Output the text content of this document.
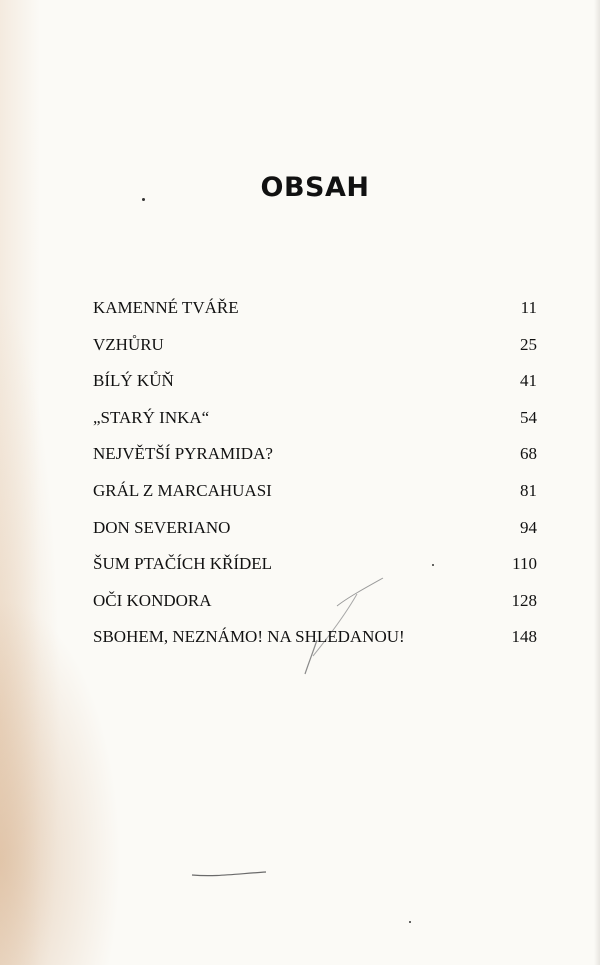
OBSAH
KAMENNÉ TVÁŘE	11
VZHŮRU	25
BÍLÝ KŮŇ	41
„STARÝ INKA“	54
NEJVĚTŠÍ PYRAMIDA?	68
GRÁL Z MARCAHUASI	81
DON SEVERIANO	94
ŠUM PTAČÍCH KŘÍDEL	110
OČI KONDORA	128
SBOHEM, NEZNÁMO! NA SHLEDANOU!	148
